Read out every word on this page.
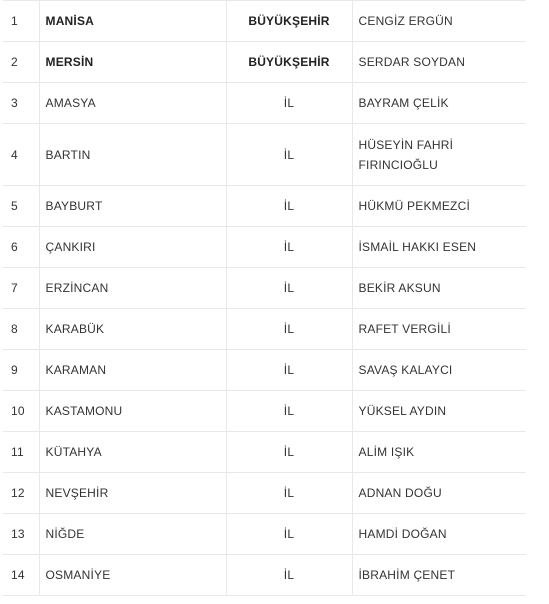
1	MANİSA	BÜYÜKŞEHİR	CENGİZ ERGÜN
2	MERSİN	BÜYÜKŞEHİR	SERDAR SOYDAN
3	AMASYA	İL	BAYRAM ÇELİK
4	BARTIN	İL	HÜSEYİN FAHRİ FIRINCIOĞLU
5	BAYBURT	İL	HÜKMÜ PEKMEZCİ
6	ÇANKIRI	İL	İSMAİL HAKKI ESEN
7	ERZİNCAN	İL	BEKİR AKSUN
8	KARABÜK	İL	RAFET VERGİLİ
9	KARAMAN	İL	SAVAŞ KALAYCI
10	KASTAMONU	İL	YÜKSEL AYDIN
11	KÜTAHYA	İL	ALİM IŞIK
12	NEVŞEHİR	İL	ADNAN DOĞU
13	NİĞDE	İL	HAMDİ DOĞAN
14	OSMANİYE	İL	İBRAHİM ÇENET
